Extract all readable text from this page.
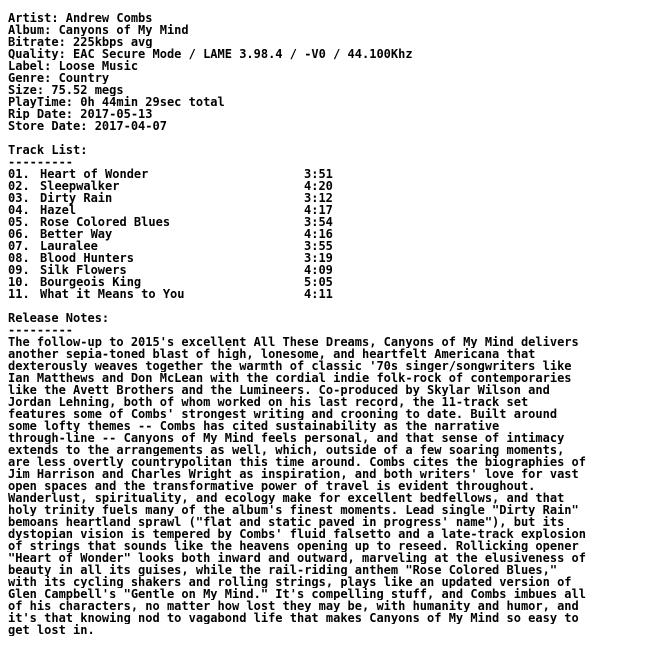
Artist: Andrew Combs
Album: Canyons of My Mind
Bitrate: 225kbps avg
Quality: EAC Secure Mode / LAME 3.98.4 / -V0 / 44.100Khz
Label: Loose Music
Genre: Country
Size: 75.52 megs
PlayTime: 0h 44min 29sec total
Rip Date: 2017-05-13
Store Date: 2017-04-07
Track List:
---------
01. Heart of Wonder	3:51
02. Sleepwalker	4:20
03. Dirty Rain	3:12
04. Hazel	4:17
05. Rose Colored Blues	3:54
06. Better Way	4:16
07. Lauralee	3:55
08. Blood Hunters	3:19
09. Silk Flowers	4:09
10. Bourgeois King	5:05
11. What it Means to You	4:11
Release Notes:
---------
The follow-up to 2015's excellent All These Dreams, Canyons of My Mind delivers
another sepia-toned blast of high, lonesome, and heartfelt Americana that
dexterously weaves together the warmth of classic '70s singer/songwriters like
Ian Matthews and Don McLean with the cordial indie folk-rock of contemporaries
like the Avett Brothers and the Lumineers. Co-produced by Skylar Wilson and
Jordan Lehning, both of whom worked on his last record, the 11-track set
features some of Combs' strongest writing and crooning to date. Built around
some lofty themes -- Combs has cited sustainability as the narrative
through-line -- Canyons of My Mind feels personal, and that sense of intimacy
extends to the arrangements as well, which, outside of a few soaring moments,
are less overtly countrypolitan this time around. Combs cites the biographies of
Jim Harrison and Charles Wright as inspiration, and both writers' love for vast
open spaces and the transformative power of travel is evident throughout.
Wanderlust, spirituality, and ecology make for excellent bedfellows, and that
holy trinity fuels many of the album's finest moments. Lead single "Dirty Rain"
bemoans heartland sprawl ("flat and static paved in progress' name"), but its
dystopian vision is tempered by Combs' fluid falsetto and a late-track explosion
of strings that sounds like the heavens opening up to reseed. Rollicking opener
"Heart of Wonder" looks both inward and outward, marveling at the elusiveness of
beauty in all its guises, while the rail-riding anthem "Rose Colored Blues,"
with its cycling shakers and rolling strings, plays like an updated version of
Glen Campbell's "Gentle on My Mind." It's compelling stuff, and Combs imbues all
of his characters, no matter how lost they may be, with humanity and humor, and
it's that knowing nod to vagabond life that makes Canyons of My Mind so easy to
get lost in.
